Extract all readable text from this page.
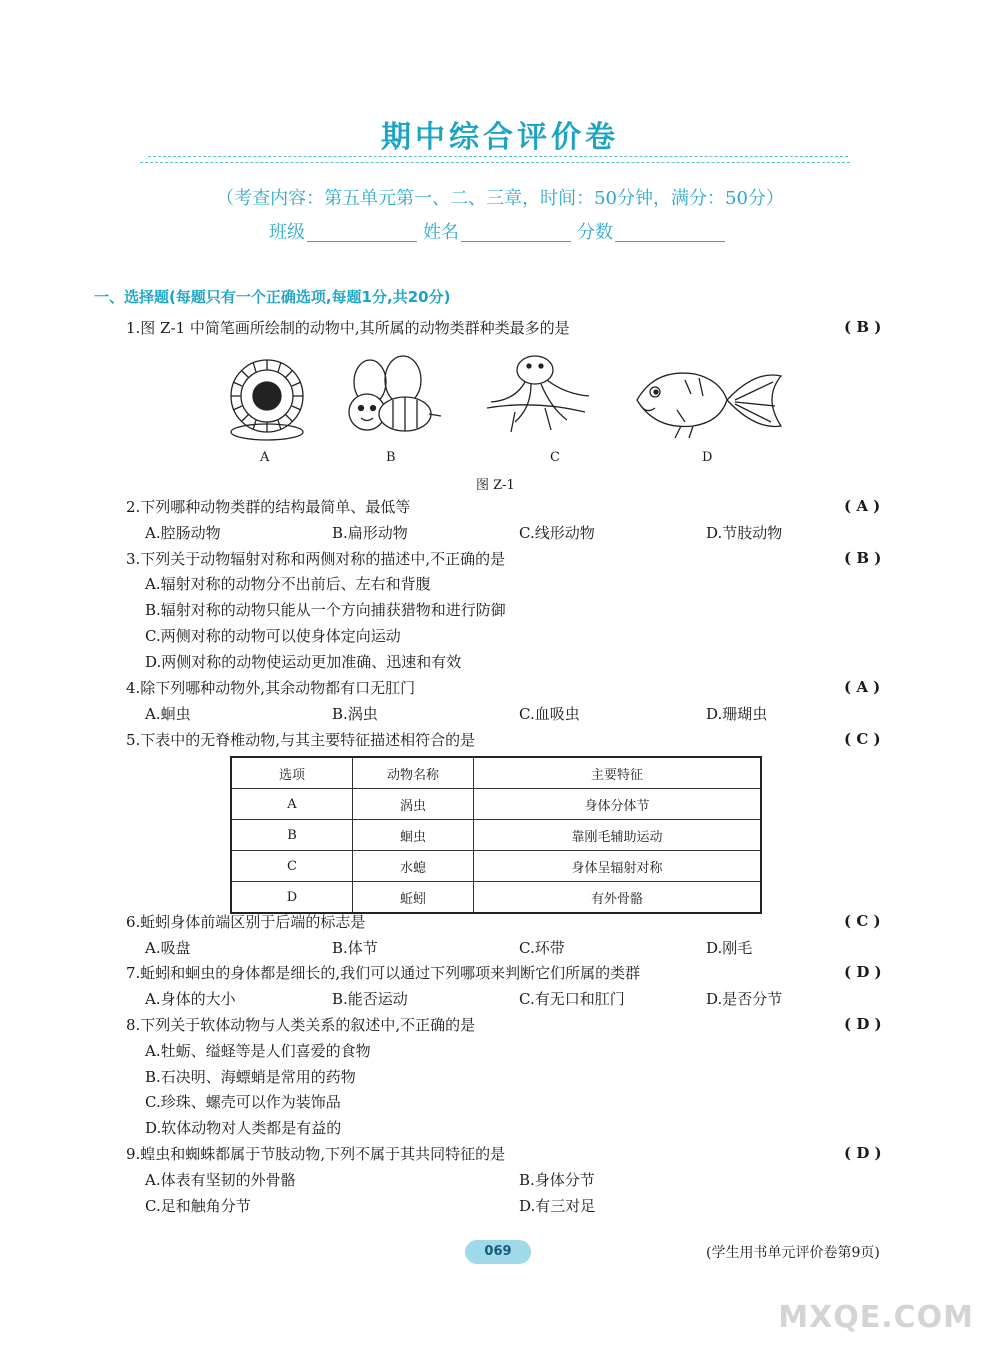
期中综合评价卷
（考查内容：第五单元第一、二、三章，时间：50分钟，满分：50分）
班级	姓名	分数
一、选择题(每题只有一个正确选项,每题1分,共20分)
1.图 Z-1 中简笔画所绘制的动物中,其所属的动物类群种类最多的是	( B )
A	B	C	D
图 Z-1
2.下列哪种动物类群的结构最简单、最低等	( A )
A.腔肠动物	B.扁形动物	C.线形动物	D.节肢动物
3.下列关于动物辐射对称和两侧对称的描述中,不正确的是	( B )
A.辐射对称的动物分不出前后、左右和背腹
B.辐射对称的动物只能从一个方向捕获猎物和进行防御
C.两侧对称的动物可以使身体定向运动
D.两侧对称的动物使运动更加准确、迅速和有效
4.除下列哪种动物外,其余动物都有口无肛门	( A )
A.蛔虫	B.涡虫	C.血吸虫	D.珊瑚虫
5.下表中的无脊椎动物,与其主要特征描述相符合的是	( C )
选项	动物名称	主要特征
A	涡虫	身体分体节
B	蛔虫	靠刚毛辅助运动
C	水螅	身体呈辐射对称
D	蚯蚓	有外骨骼
6.蚯蚓身体前端区别于后端的标志是	( C )
A.吸盘	B.体节	C.环带	D.刚毛
7.蚯蚓和蛔虫的身体都是细长的,我们可以通过下列哪项来判断它们所属的类群	( D )
A.身体的大小	B.能否运动	C.有无口和肛门	D.是否分节
8.下列关于软体动物与人类关系的叙述中,不正确的是	( D )
A.牡蛎、缢蛏等是人们喜爱的食物
B.石决明、海螵蛸是常用的药物
C.珍珠、螺壳可以作为装饰品
D.软体动物对人类都是有益的
9.蝗虫和蜘蛛都属于节肢动物,下列不属于其共同特征的是	( D )
A.体表有坚韧的外骨骼	B.身体分节
C.足和触角分节	D.有三对足
069	(学生用书单元评价卷第9页)
MXQE.COM
